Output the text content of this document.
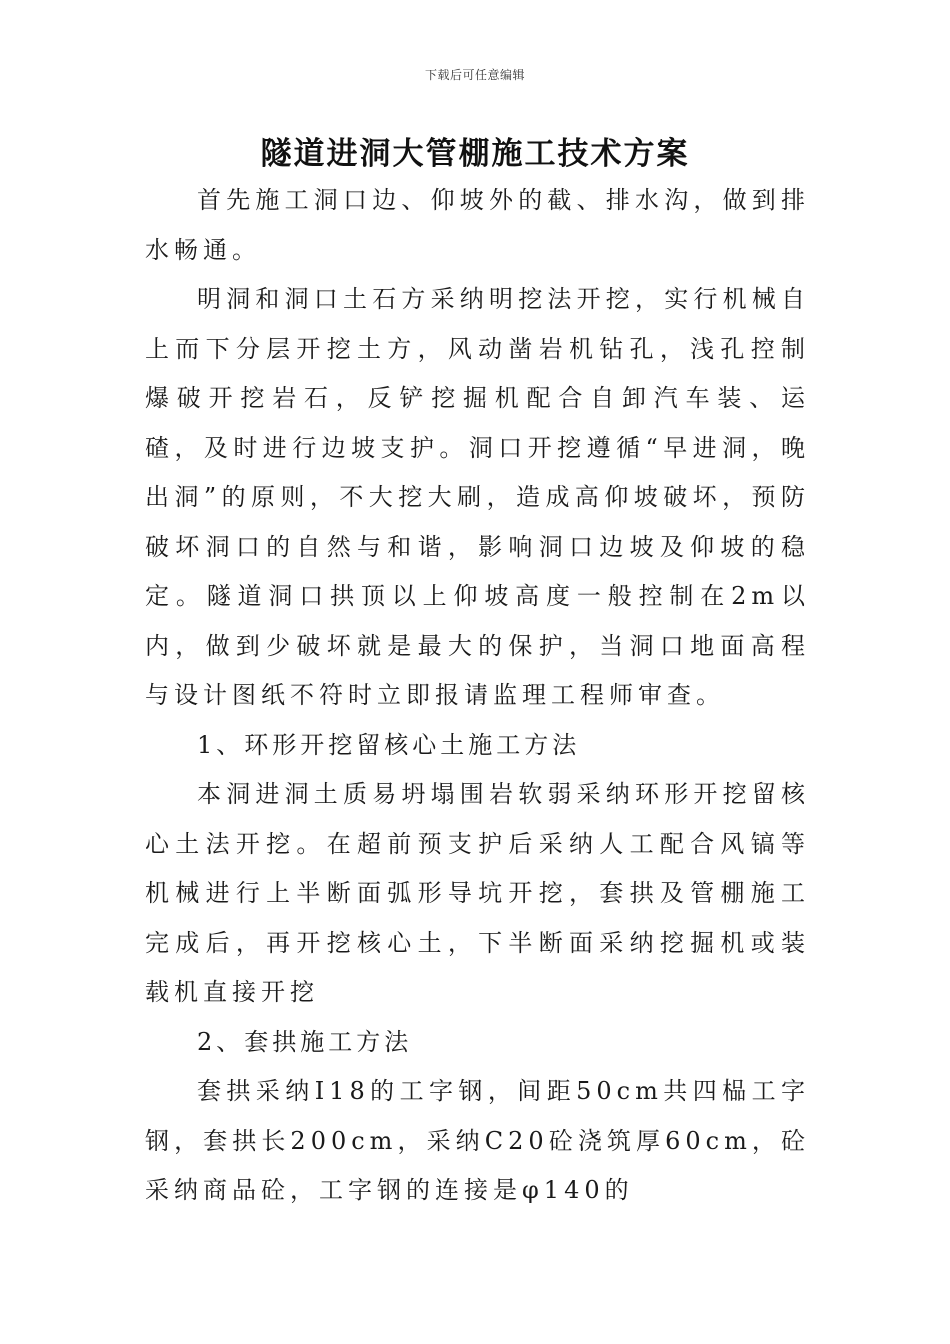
下载后可任意编辑
隧道进洞大管棚施工技术方案

首先施工洞口边、仰坡外的截、排水沟，做到排水畅通。

明洞和洞口土石方采纳明挖法开挖，实行机械自上而下分层开挖土方，风动凿岩机钻孔，浅孔控制爆破开挖岩石，反铲挖掘机配合自卸汽车装、运碴，及时进行边坡支护。洞口开挖遵循“早进洞，晚出洞”的原则，不大挖大刷，造成高仰坡破坏，预防破坏洞口的自然与和谐，影响洞口边坡及仰坡的稳定。隧道洞口拱顶以上仰坡高度一般控制在2m以内，做到少破坏就是最大的保护，当洞口地面高程与设计图纸不符时立即报请监理工程师审查。

1、环形开挖留核心土施工方法

本洞进洞土质易坍塌围岩软弱采纳环形开挖留核心土法开挖。在超前预支护后采纳人工配合风镐等机械进行上半断面弧形导坑开挖，套拱及管棚施工完成后，再开挖核心土，下半断面采纳挖掘机或装载机直接开挖

2、套拱施工方法

套拱采纳I18的工字钢，间距50cm共四榀工字钢，套拱长200cm，采纳C20砼浇筑厚60cm，砼采纳商品砼，工字钢的连接是φ140的
